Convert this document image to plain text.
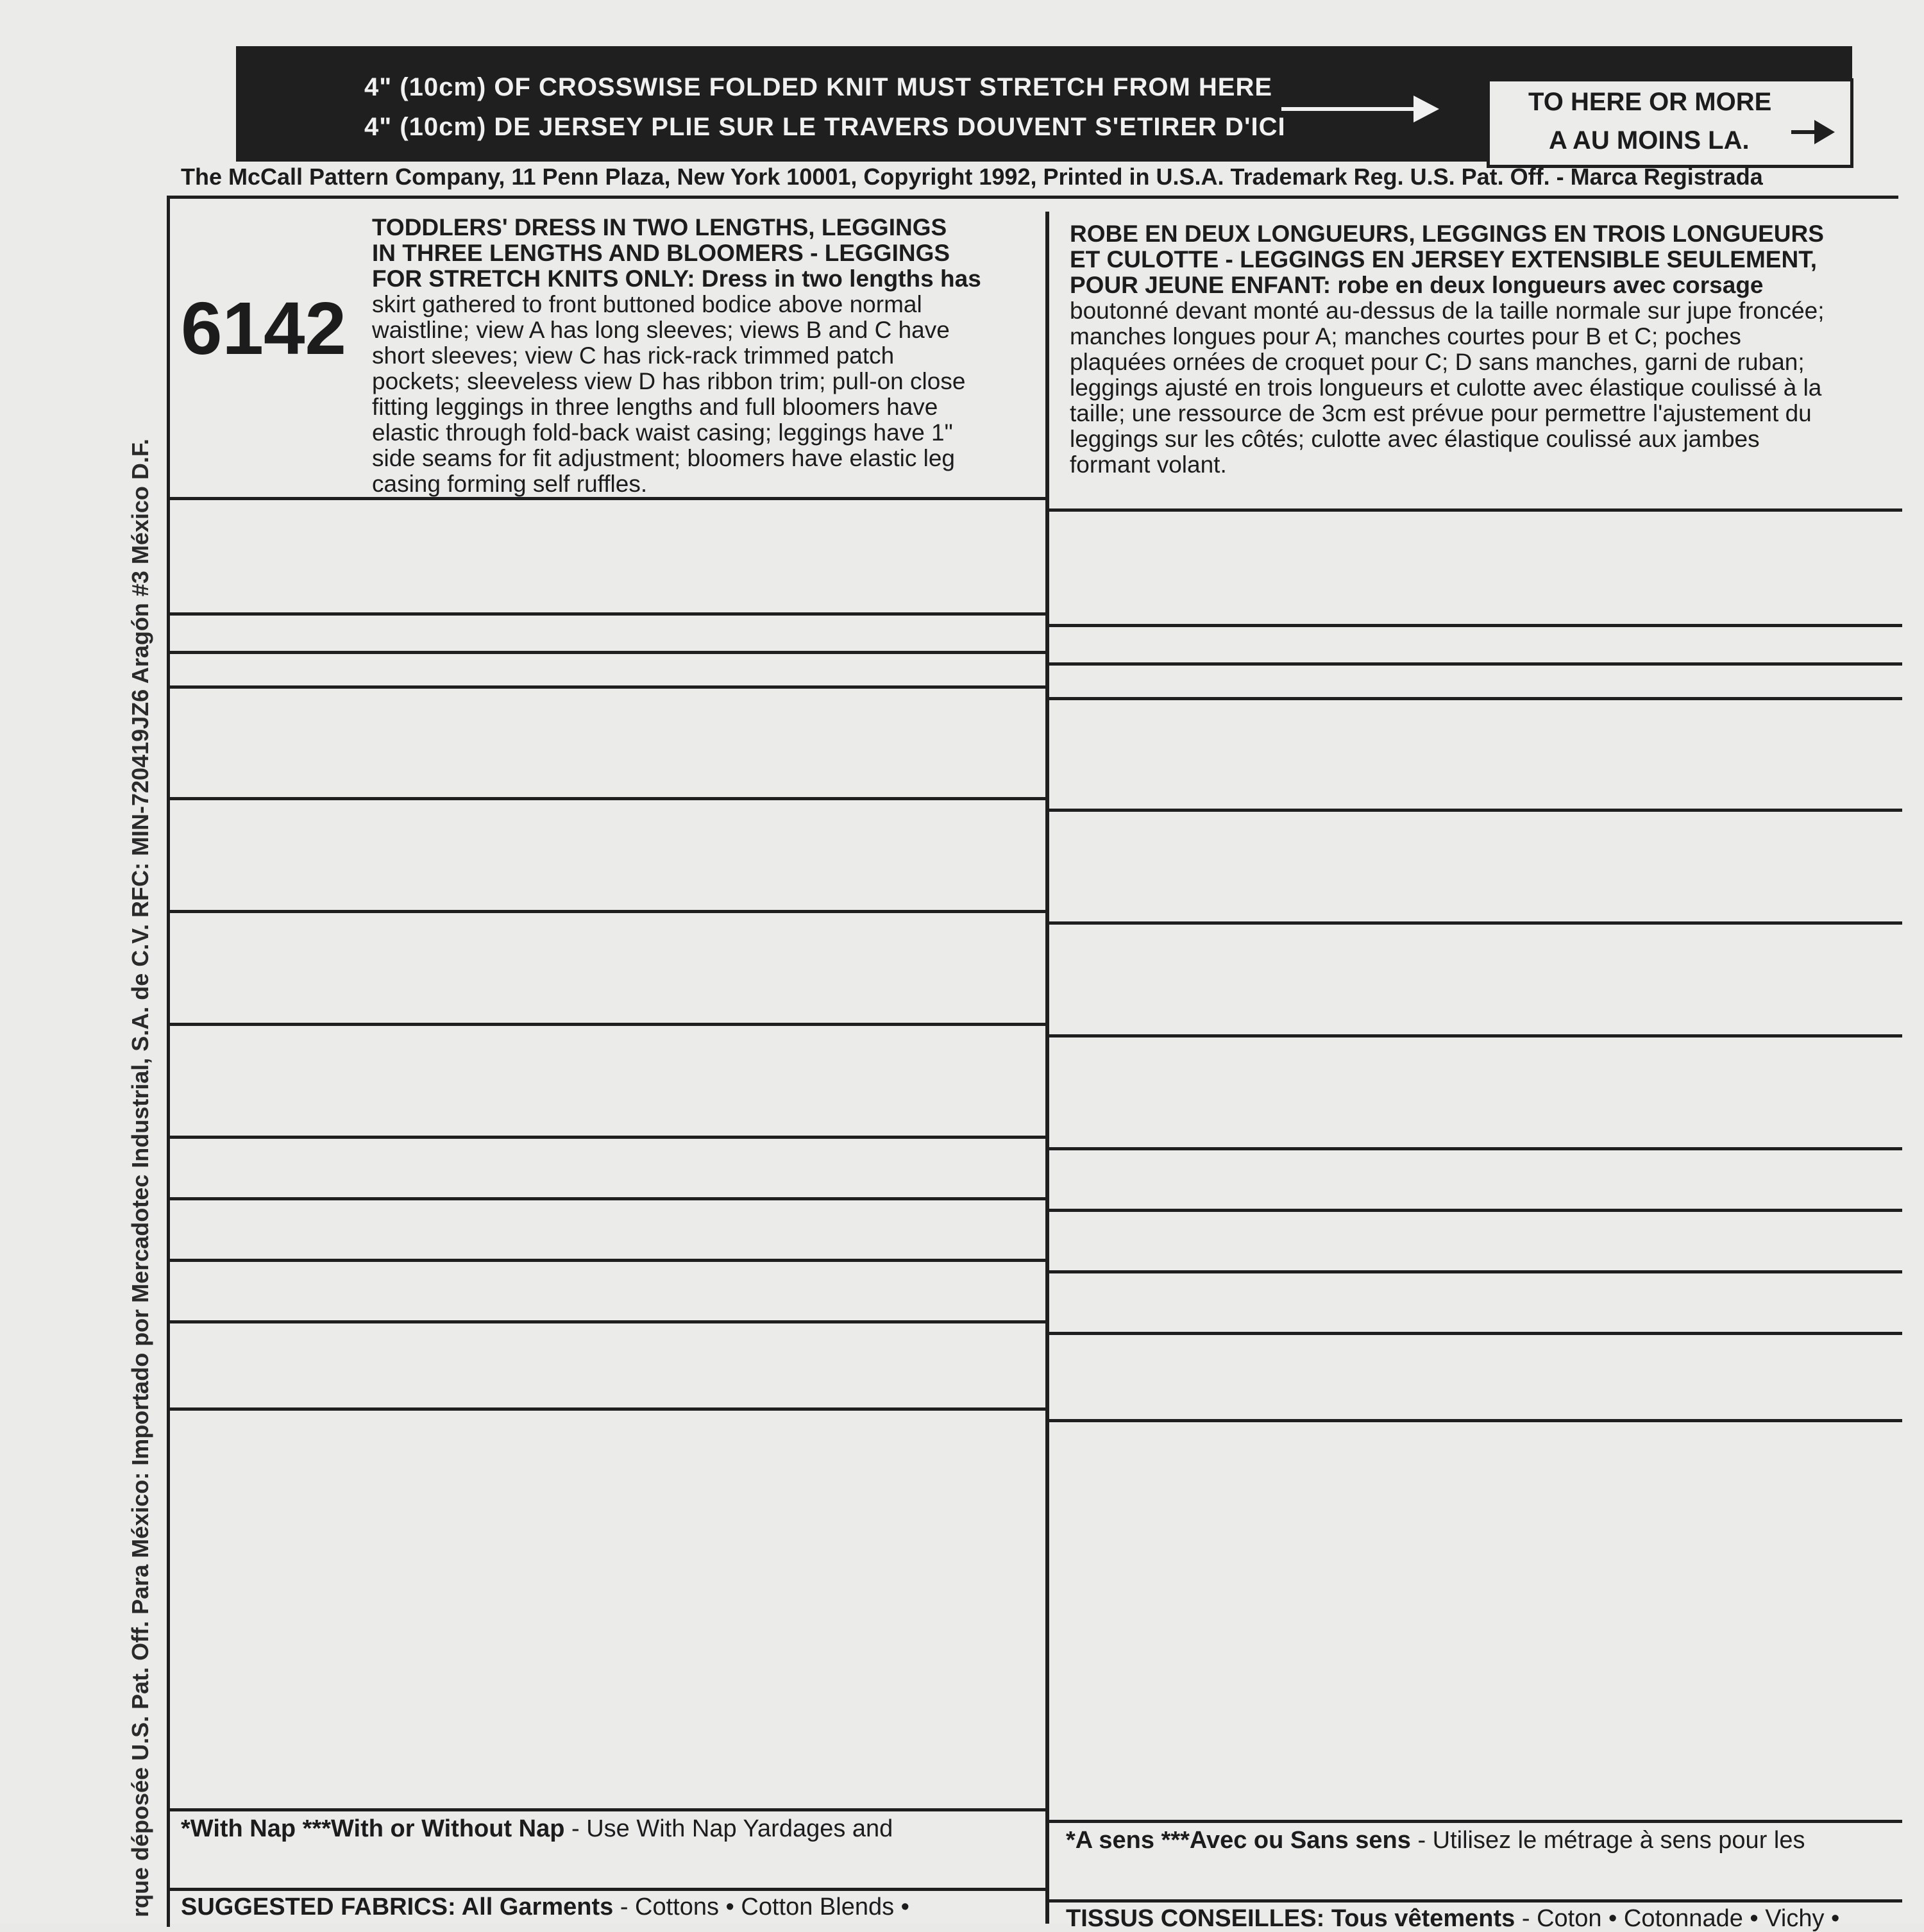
rque déposée U.S. Pat. Off. Para México: Importado por Mercadotec Industrial, S.A. de C.V. RFC: MIN-720419JZ6 Aragón #3 México D.F.
4" (10cm) OF CROSSWISE FOLDED KNIT MUST STRETCH FROM HERE
4" (10cm) DE JERSEY PLIE SUR LE TRAVERS DOUVENT S'ETIRER D'ICI
TO HERE OR MORE
A AU MOINS LA.
The McCall Pattern Company, 11 Penn Plaza, New York 10001, Copyright 1992, Printed in U.S.A. Trademark Reg. U.S. Pat. Off. - Marca Registrada
6142
TODDLERS' DRESS IN TWO LENGTHS, LEGGINGS
IN THREE LENGTHS AND BLOOMERS - LEGGINGS
FOR STRETCH KNITS ONLY: Dress in two lengths has
skirt gathered to front buttoned bodice above normal
waistline; view A has long sleeves; views B and C have
short sleeves; view C has rick-rack trimmed patch
pockets; sleeveless view D has ribbon trim; pull-on close
fitting leggings in three lengths and full bloomers have
elastic through fold-back waist casing; leggings have 1"
side seams for fit adjustment; bloomers have elastic leg
casing forming self ruffles.
ROBE EN DEUX LONGUEURS, LEGGINGS EN TROIS LONGUEURS
ET CULOTTE - LEGGINGS EN JERSEY EXTENSIBLE SEULEMENT,
POUR JEUNE ENFANT: robe en deux longueurs avec corsage
boutonné devant monté au-dessus de la taille normale sur jupe froncée;
manches longues pour A; manches courtes pour B et C; poches
plaquées ornées de croquet pour C; D sans manches, garni de ruban;
leggings ajusté en trois longueurs et culotte avec élastique coulissé à la
taille; une ressource de 3cm est prévue pour permettre l'ajustement du
leggings sur les côtés; culotte avec élastique coulissé aux jambes
formant volant.
*With Nap ***With or Without Nap - Use With Nap Yardages and
SUGGESTED FABRICS: All Garments - Cottons • Cotton Blends •
*A sens ***Avec ou Sans sens - Utilisez le métrage à sens pour les
TISSUS CONSEILLES: Tous vêtements - Coton • Cotonnade • Vichy •
